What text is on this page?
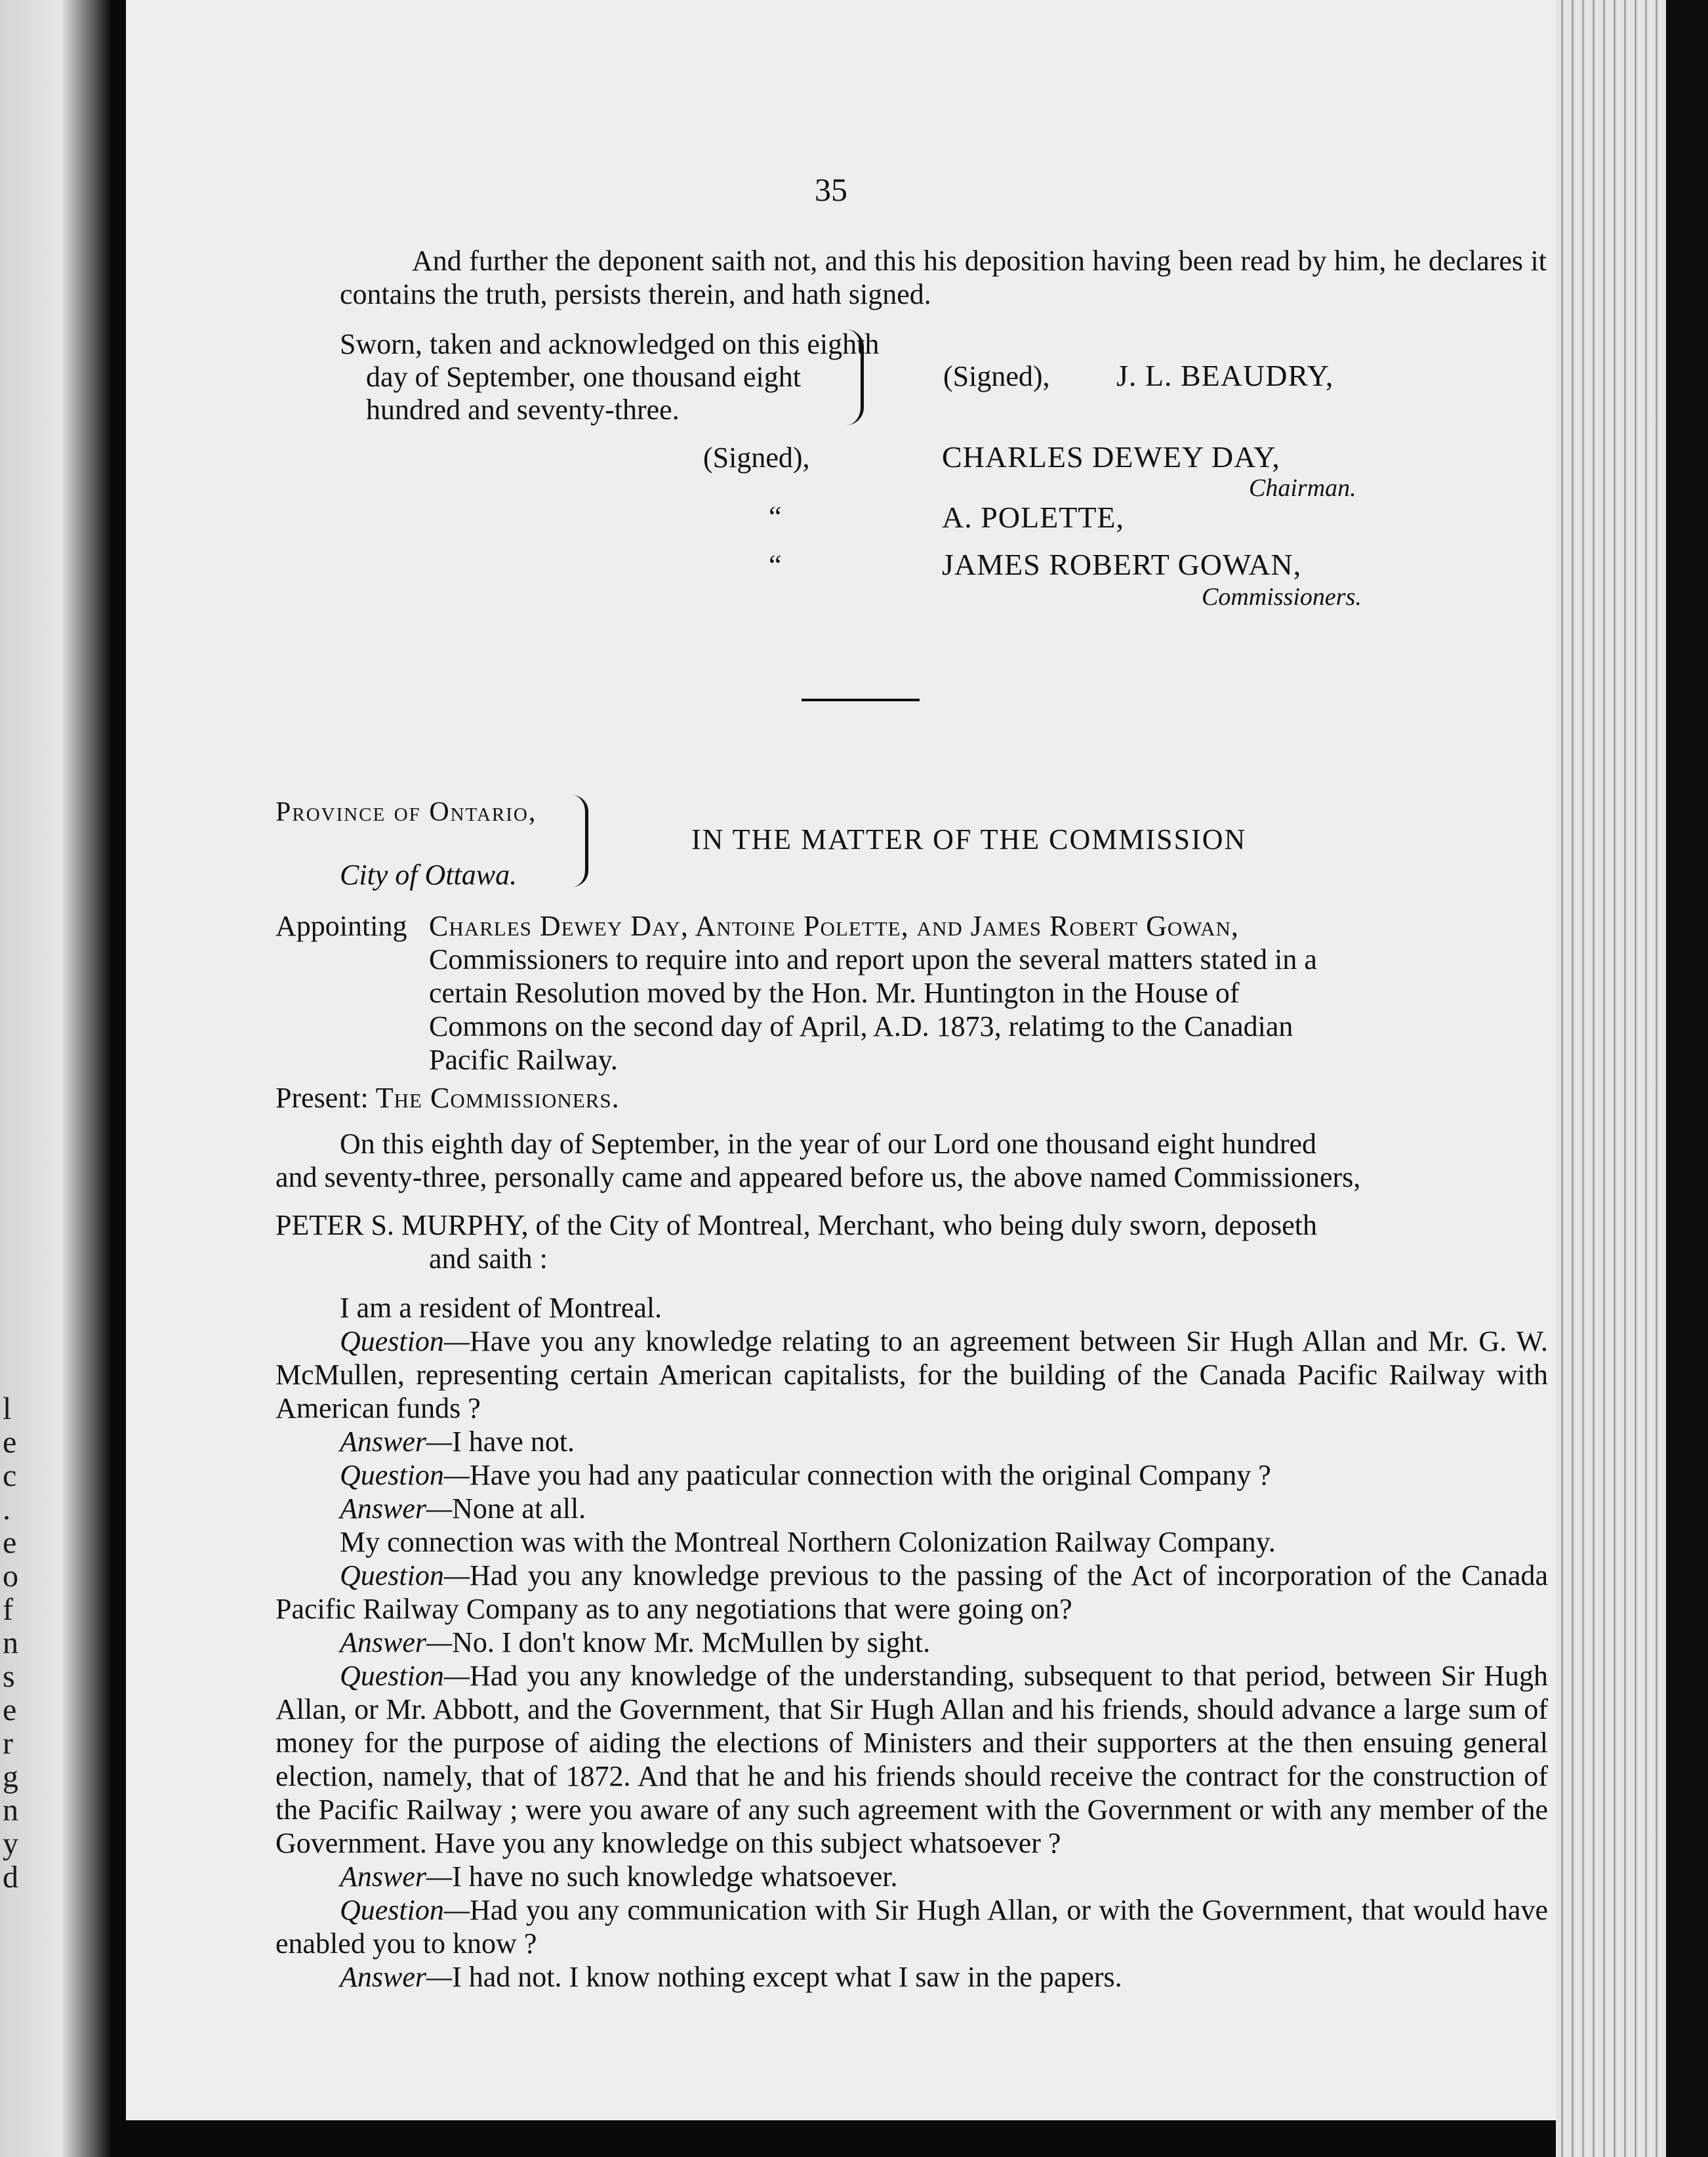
l
e
c
.
e
o
f
n
s
e
r
g
n
y
d
35
And further the deponent saith not, and this his deposition having been read by him, he declares it contains the truth, persists therein, and hath signed.
Sworn, taken and acknowledged on this eighth
day of September, one thousand eight
hundred and seventy-three.
(Signed), J. L. BEAUDRY,
(Signed),	CHARLES DEWEY DAY,
Chairman.
“	A. POLETTE,
“	JAMES ROBERT GOWAN,
Commissioners.
Province of Ontario,
City of Ottawa.
IN THE MATTER OF THE COMMISSION
Appointing Charles Dewey Day, Antoine Polette, and James Robert Gowan,
Commissioners to require into and report upon the several matters stated in a
certain Resolution moved by the Hon. Mr. Huntington in the House of
Commons on the second day of April, A.D. 1873, relatimg to the Canadian
Pacific Railway.
Present: The Commissioners.
On this eighth day of September, in the year of our Lord one thousand eight hundred
and seventy-three, personally came and appeared before us, the above named Commissioners,
PETER S. MURPHY, of the City of Montreal, Merchant, who being duly sworn, deposeth
and saith :
I am a resident of Montreal.
Question—Have you any knowledge relating to an agreement between Sir Hugh Allan and Mr. G. W. McMullen, representing certain American capitalists, for the building of the Canada Pacific Railway with American funds ?
Answer—I have not.
Question—Have you had any paaticular connection with the original Company ?
Answer—None at all.
My connection was with the Montreal Northern Colonization Railway Company.
Question—Had you any knowledge previous to the passing of the Act of incorporation of the Canada Pacific Railway Company as to any negotiations that were going on?
Answer—No. I don't know Mr. McMullen by sight.
Question—Had you any knowledge of the understanding, subsequent to that period, between Sir Hugh Allan, or Mr. Abbott, and the Government, that Sir Hugh Allan and his friends, should advance a large sum of money for the purpose of aiding the elections of Ministers and their supporters at the then ensuing general election, namely, that of 1872. And that he and his friends should receive the contract for the construction of the Pacific Railway ; were you aware of any such agreement with the Government or with any member of the Government. Have you any knowledge on this subject whatsoever ?
Answer—I have no such knowledge whatsoever.
Question—Had you any communication with Sir Hugh Allan, or with the Government, that would have enabled you to know ?
Answer—I had not. I know nothing except what I saw in the papers.
